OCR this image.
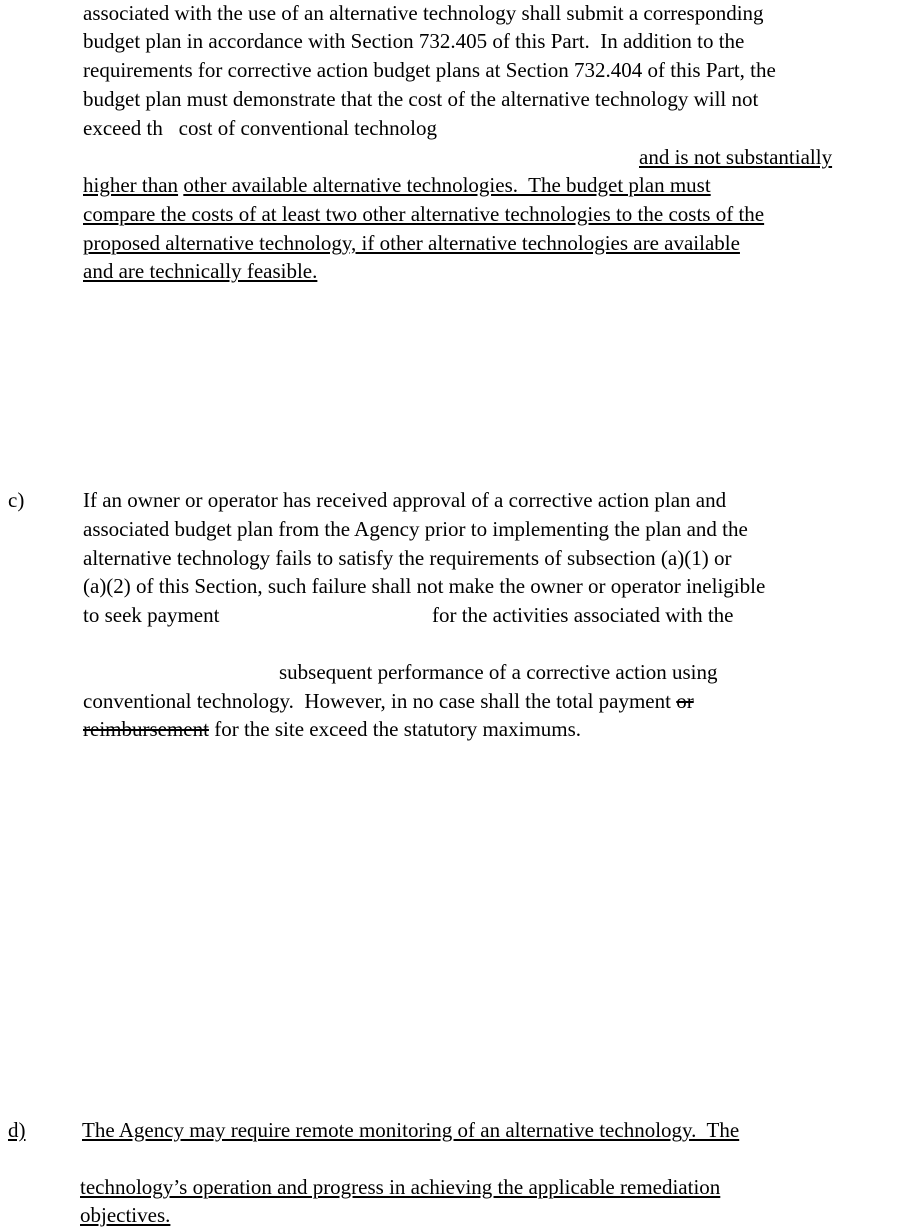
associated with the use of an alternative technology shall submit a corresponding
budget plan in accordance with Section 732.405 of this Part.  In addition to the
requirements for corrective action budget plans at Section 732.404 of this Part, the
budget plan must demonstrate that the cost of the alternative technology will not
exceed th   cost of conventional technolog
and is not substantially
higher than other available alternative technologies.  The budget plan must
compare the costs of at least two other alternative technologies to the costs of the
proposed alternative technology, if other alternative technologies are available
and are technically feasible.
c)	If an owner or operator has received approval of a corrective action plan and
associated budget plan from the Agency prior to implementing the plan and the
alternative technology fails to satisfy the requirements of subsection (a)(1) or
(a)(2) of this Section, such failure shall not make the owner or operator ineligible
to seek payment	for the activities associated with the
subsequent performance of a corrective action using
conventional technology.  However, in no case shall the total payment or
reimbursement for the site exceed the statutory maximums.
d)	The Agency may require remote monitoring of an alternative technology.  The
technology’s operation and progress in achieving the applicable remediation
objectives.
